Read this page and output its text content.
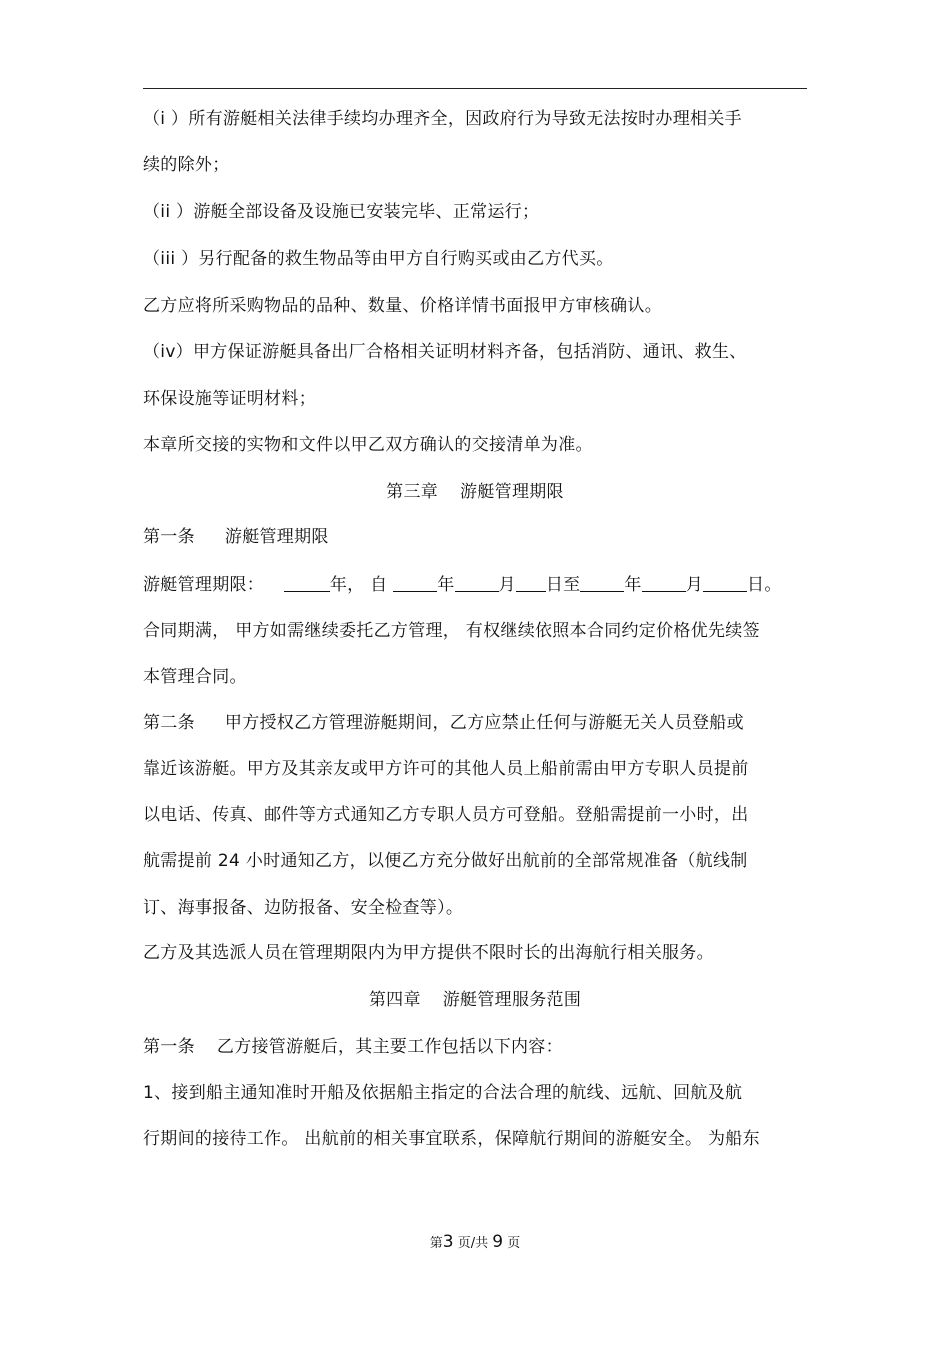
（i ）所有游艇相关法律手续均办理齐全，因政府行为导致无法按时办理相关手
续的除外；
（ii ）游艇全部设备及设施已安装完毕、正常运行；
（iii ）另行配备的救生物品等由甲方自行购买或由乙方代买。
乙方应将所采购物品的品种、数量、价格详情书面报甲方审核确认。
（iv）甲方保证游艇具备出厂合格相关证明材料齐备，包括消防、通讯、救生、
环保设施等证明材料；
本章所交接的实物和文件以甲乙双方确认的交接清单为准。
第三章 游艇管理期限
第一条 游艇管理期限
游艇管理期限：	年， 自	年	月 日至	年	月	日。
合同期满， 甲方如需继续委托乙方管理， 有权继续依照本合同约定价格优先续签
本管理合同。
第二条 甲方授权乙方管理游艇期间，乙方应禁止任何与游艇无关人员登船或
靠近该游艇。甲方及其亲友或甲方许可的其他人员上船前需由甲方专职人员提前
以电话、传真、邮件等方式通知乙方专职人员方可登船。登船需提前一小时，出
航需提前 24 小时通知乙方，以便乙方充分做好出航前的全部常规准备（航线制
订、海事报备、边防报备、安全检查等）。
乙方及其选派人员在管理期限内为甲方提供不限时长的出海航行相关服务。
第四章 游艇管理服务范围
第一条 乙方接管游艇后，其主要工作包括以下内容：
1、接到船主通知准时开船及依据船主指定的合法合理的航线、远航、回航及航
行期间的接待工作。 出航前的相关事宜联系，保障航行期间的游艇安全。 为船东
第3 页/共 9 页
